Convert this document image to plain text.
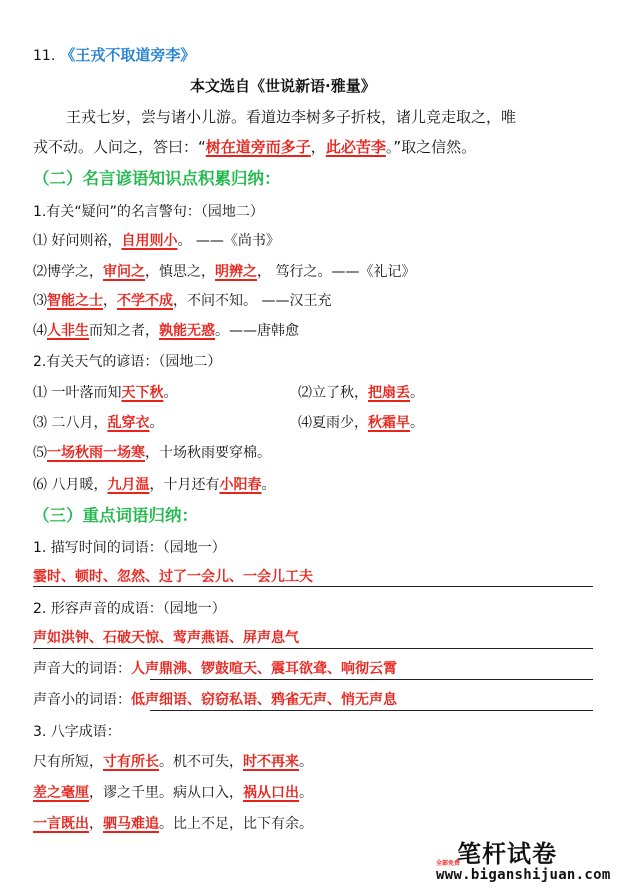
11. 《王戎不取道旁李》
本文选自《世说新语·雅量》
王戎七岁，尝与诸小儿游。看道边李树多子折枝，诸儿竞走取之，唯
戎不动。人问之，答曰：“树在道旁而多子，此必苦李。”取之信然。
（二）名言谚语知识点积累归纳：
1.有关“疑问”的名言警句：（园地二）
⑴ 好问则裕，自用则小。 ——《尚书》
⑵博学之，审问之，慎思之，明辨之， 笃行之。——《礼记》
⑶智能之士，不学不成，不问不知。 ——汉王充
⑷人非生而知之者，孰能无惑。——唐韩愈
2.有关天气的谚语：（园地二）
⑴ 一叶落而知天下秋。	⑵立了秋，把扇丢。
⑶ 二八月，乱穿衣。	⑷夏雨少，秋霜早。
⑸一场秋雨一场寒，十场秋雨要穿棉。
⑹ 八月暖，九月温，十月还有小阳春。
（三）重点词语归纳：
1. 描写时间的词语：（园地一）
霎时、顿时、忽然、过了一会儿、一会儿工夫
2. 形容声音的成语：（园地一）
声如洪钟、石破天惊、莺声燕语、屏声息气
声音大的词语：人声鼎沸、锣鼓喧天、震耳欲聋、响彻云霄
声音小的词语：低声细语、窃窃私语、鸦雀无声、悄无声息
3. 八字成语：
尺有所短，寸有所长。机不可失，时不再来。
差之毫厘，谬之千里。病从口入，祸从口出。
一言既出，驷马难追。比上不足，比下有余。
笔杆试卷
全部免费
www.biganshijuan.com
